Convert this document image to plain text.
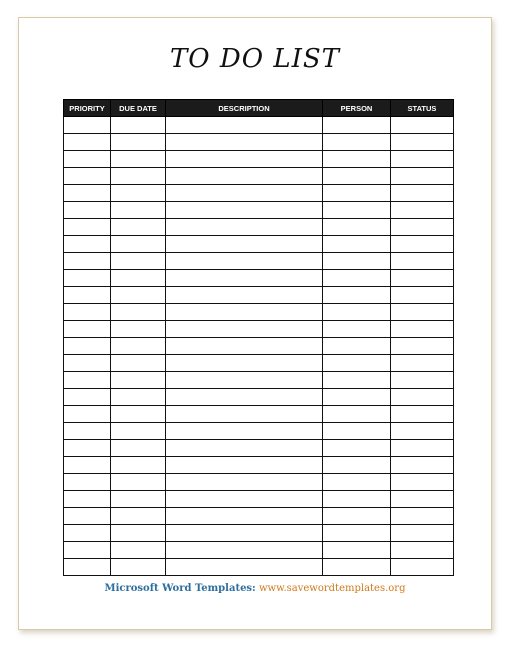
TO DO LIST
PRIORITY	DUE DATE	DESCRIPTION	PERSON	STATUS

Microsoft Word Templates: www.savewordtemplates.org
